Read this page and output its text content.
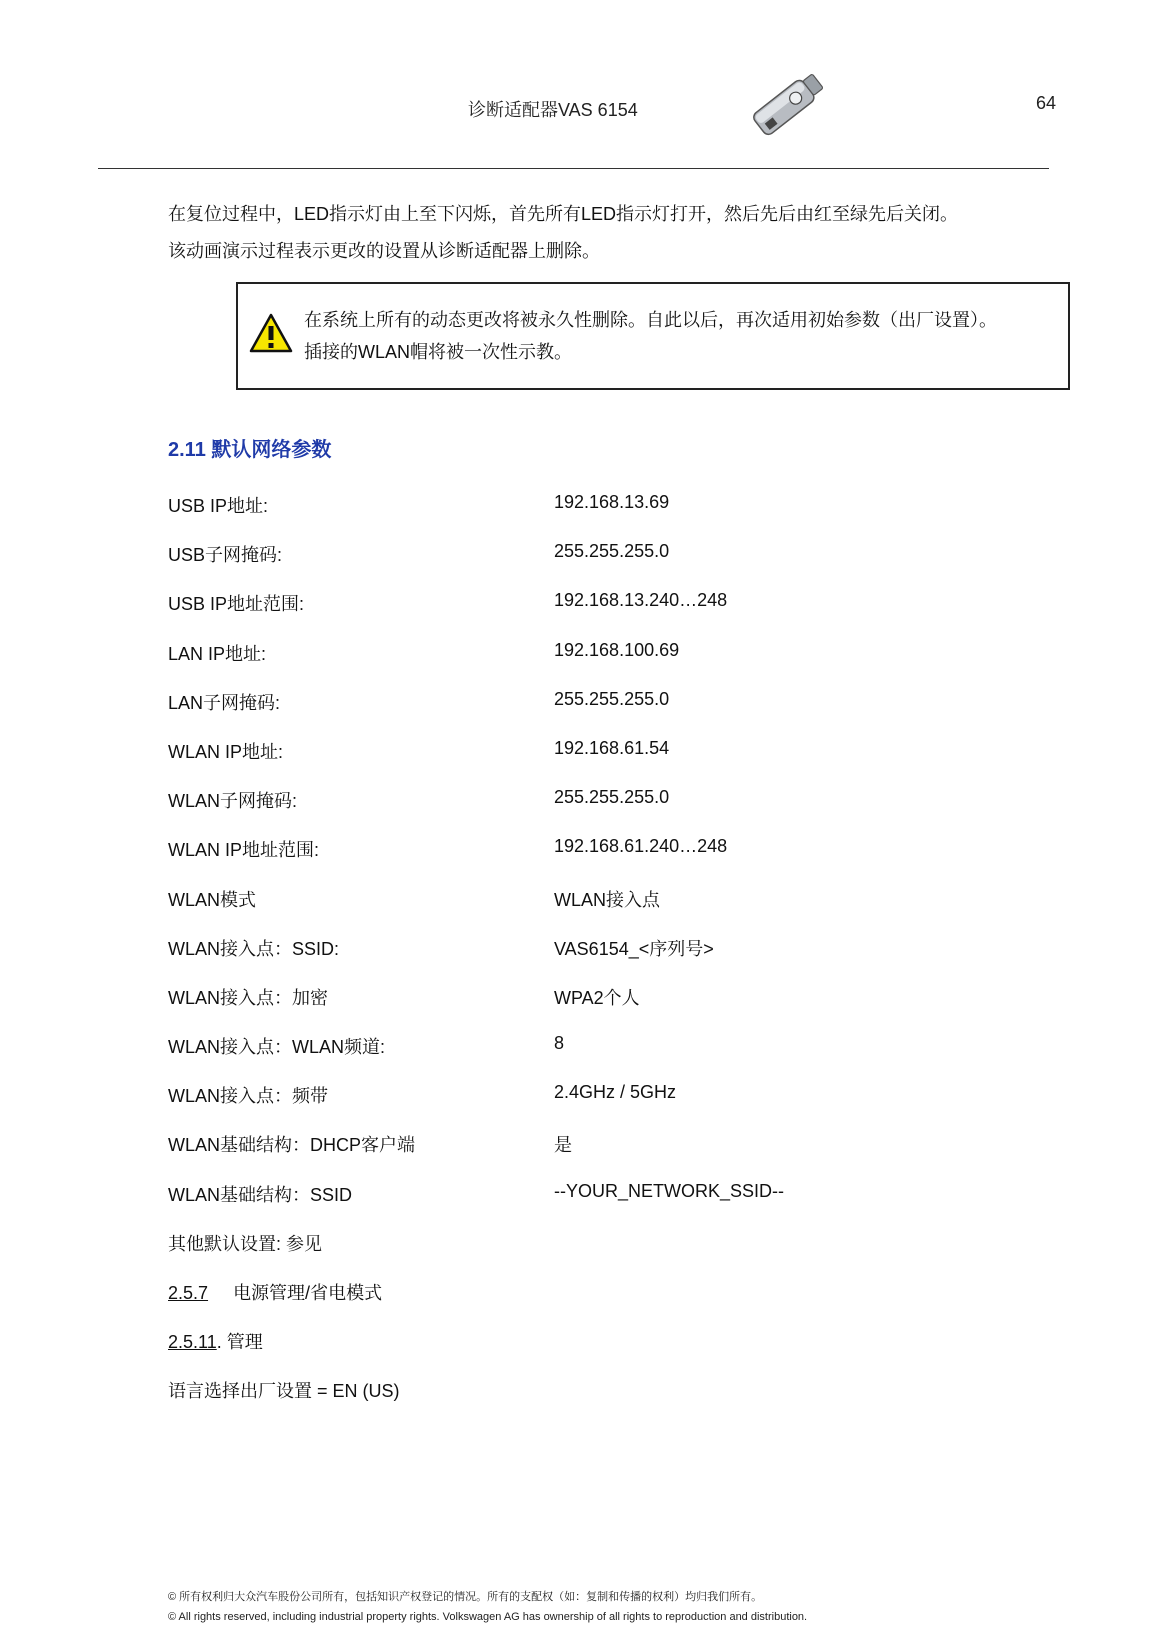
诊断适配器VAS 6154	64

在复位过程中，LED指示灯由上至下闪烁，首先所有LED指示灯打开，然后先后由红至绿先后关闭。

该动画演示过程表示更改的设置从诊断适配器上删除。

在系统上所有的动态更改将被永久性删除。自此以后，再次适用初始参数（出厂设置）。

插接的WLAN帽将被一次性示教。

2.11 默认网络参数
USB IP地址:	192.168.13.69
USB子网掩码:	255.255.255.0
USB IP地址范围:	192.168.13.240…248
LAN IP地址:	192.168.100.69
LAN子网掩码:	255.255.255.0
WLAN IP地址:	192.168.61.54
WLAN子网掩码:	255.255.255.0
WLAN IP地址范围:	192.168.61.240…248
WLAN模式	WLAN接入点
WLAN接入点：SSID:	VAS6154_<序列号>
WLAN接入点：加密	WPA2个人
WLAN接入点：WLAN频道:	8
WLAN接入点：频带	2.4GHz / 5GHz
WLAN基础结构：DHCP客户端	是
WLAN基础结构：SSID	--YOUR_NETWORK_SSID--
其他默认设置: 参见
2.5.7 电源管理/省电模式
2.5.11. 管理
语言选择出厂设置 = EN (US)

© 所有权利归大众汽车股份公司所有，包括知识产权登记的情况。所有的支配权（如：复制和传播的权利）均归我们所有。

© All rights reserved, including industrial property rights. Volkswagen AG has ownership of all rights to reproduction and distribution.
